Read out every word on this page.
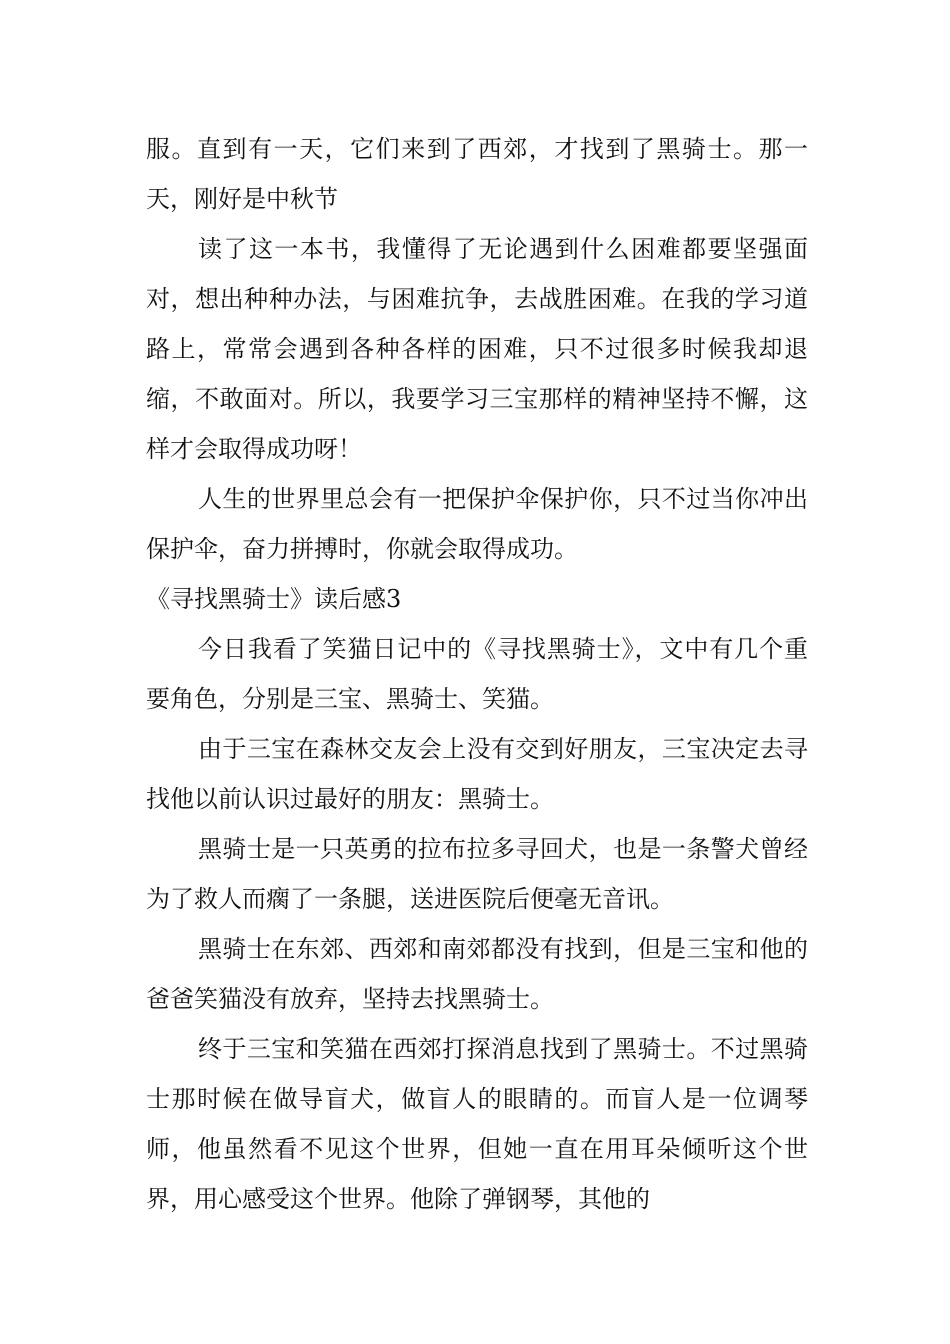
服。直到有一天，它们来到了西郊，才找到了黑骑士。那一天，刚好是中秋节

读了这一本书，我懂得了无论遇到什么困难都要坚强面对，想出种种办法，与困难抗争，去战胜困难。在我的学习道路上，常常会遇到各种各样的困难，只不过很多时候我却退缩，不敢面对。所以，我要学习三宝那样的精神坚持不懈，这样才会取得成功呀！

人生的世界里总会有一把保护伞保护你，只不过当你冲出保护伞，奋力拼搏时，你就会取得成功。

《寻找黑骑士》读后感3

今日我看了笑猫日记中的《寻找黑骑士》，文中有几个重要角色，分别是三宝、黑骑士、笑猫。

由于三宝在森林交友会上没有交到好朋友，三宝决定去寻找他以前认识过最好的朋友：黑骑士。

黑骑士是一只英勇的拉布拉多寻回犬，也是一条警犬曾经为了救人而瘸了一条腿，送进医院后便毫无音讯。

黑骑士在东郊、西郊和南郊都没有找到，但是三宝和他的爸爸笑猫没有放弃，坚持去找黑骑士。

终于三宝和笑猫在西郊打探消息找到了黑骑士。不过黑骑士那时候在做导盲犬，做盲人的眼睛的。而盲人是一位调琴师，他虽然看不见这个世界，但她一直在用耳朵倾听这个世界，用心感受这个世界。他除了弹钢琴，其他的
